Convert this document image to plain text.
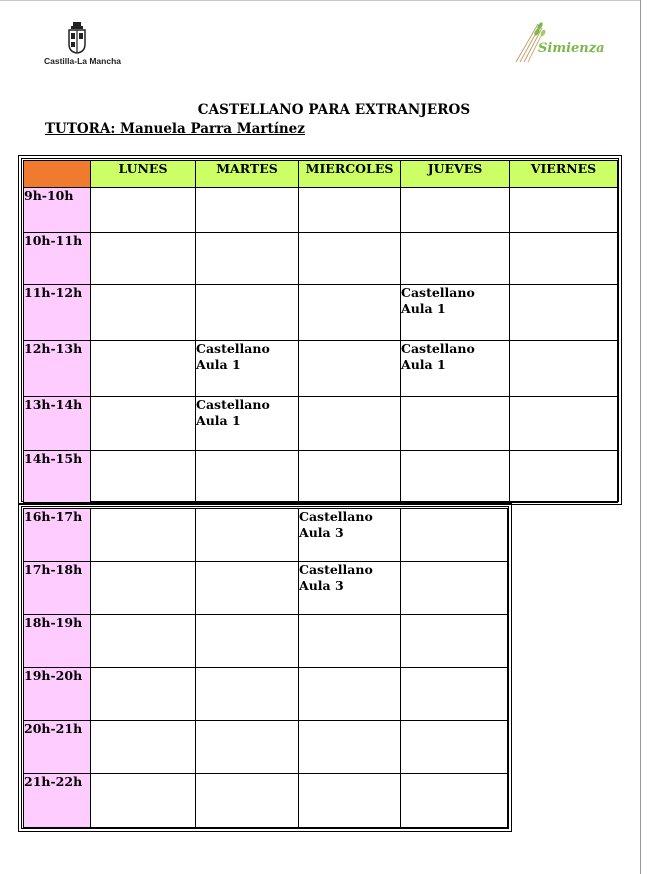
Castilla-La Mancha
Simienza
CASTELLANO PARA EXTRANJEROS
TUTORA: Manuela Parra Martínez
	LUNES	MARTES	MIERCOLES	JUEVES	VIERNES
9h-10h					
10h-11h					
11h-12h				Castellano
Aula 1	

12h-13h		Castellano
Aula 1		Castellano
Aula 1	

13h-14h		Castellano
Aula 1			

14h-15h					
16h-17h			Castellano
Aula 3	

17h-18h			Castellano
Aula 3	

18h-19h				
19h-20h				
20h-21h				
21h-22h				
